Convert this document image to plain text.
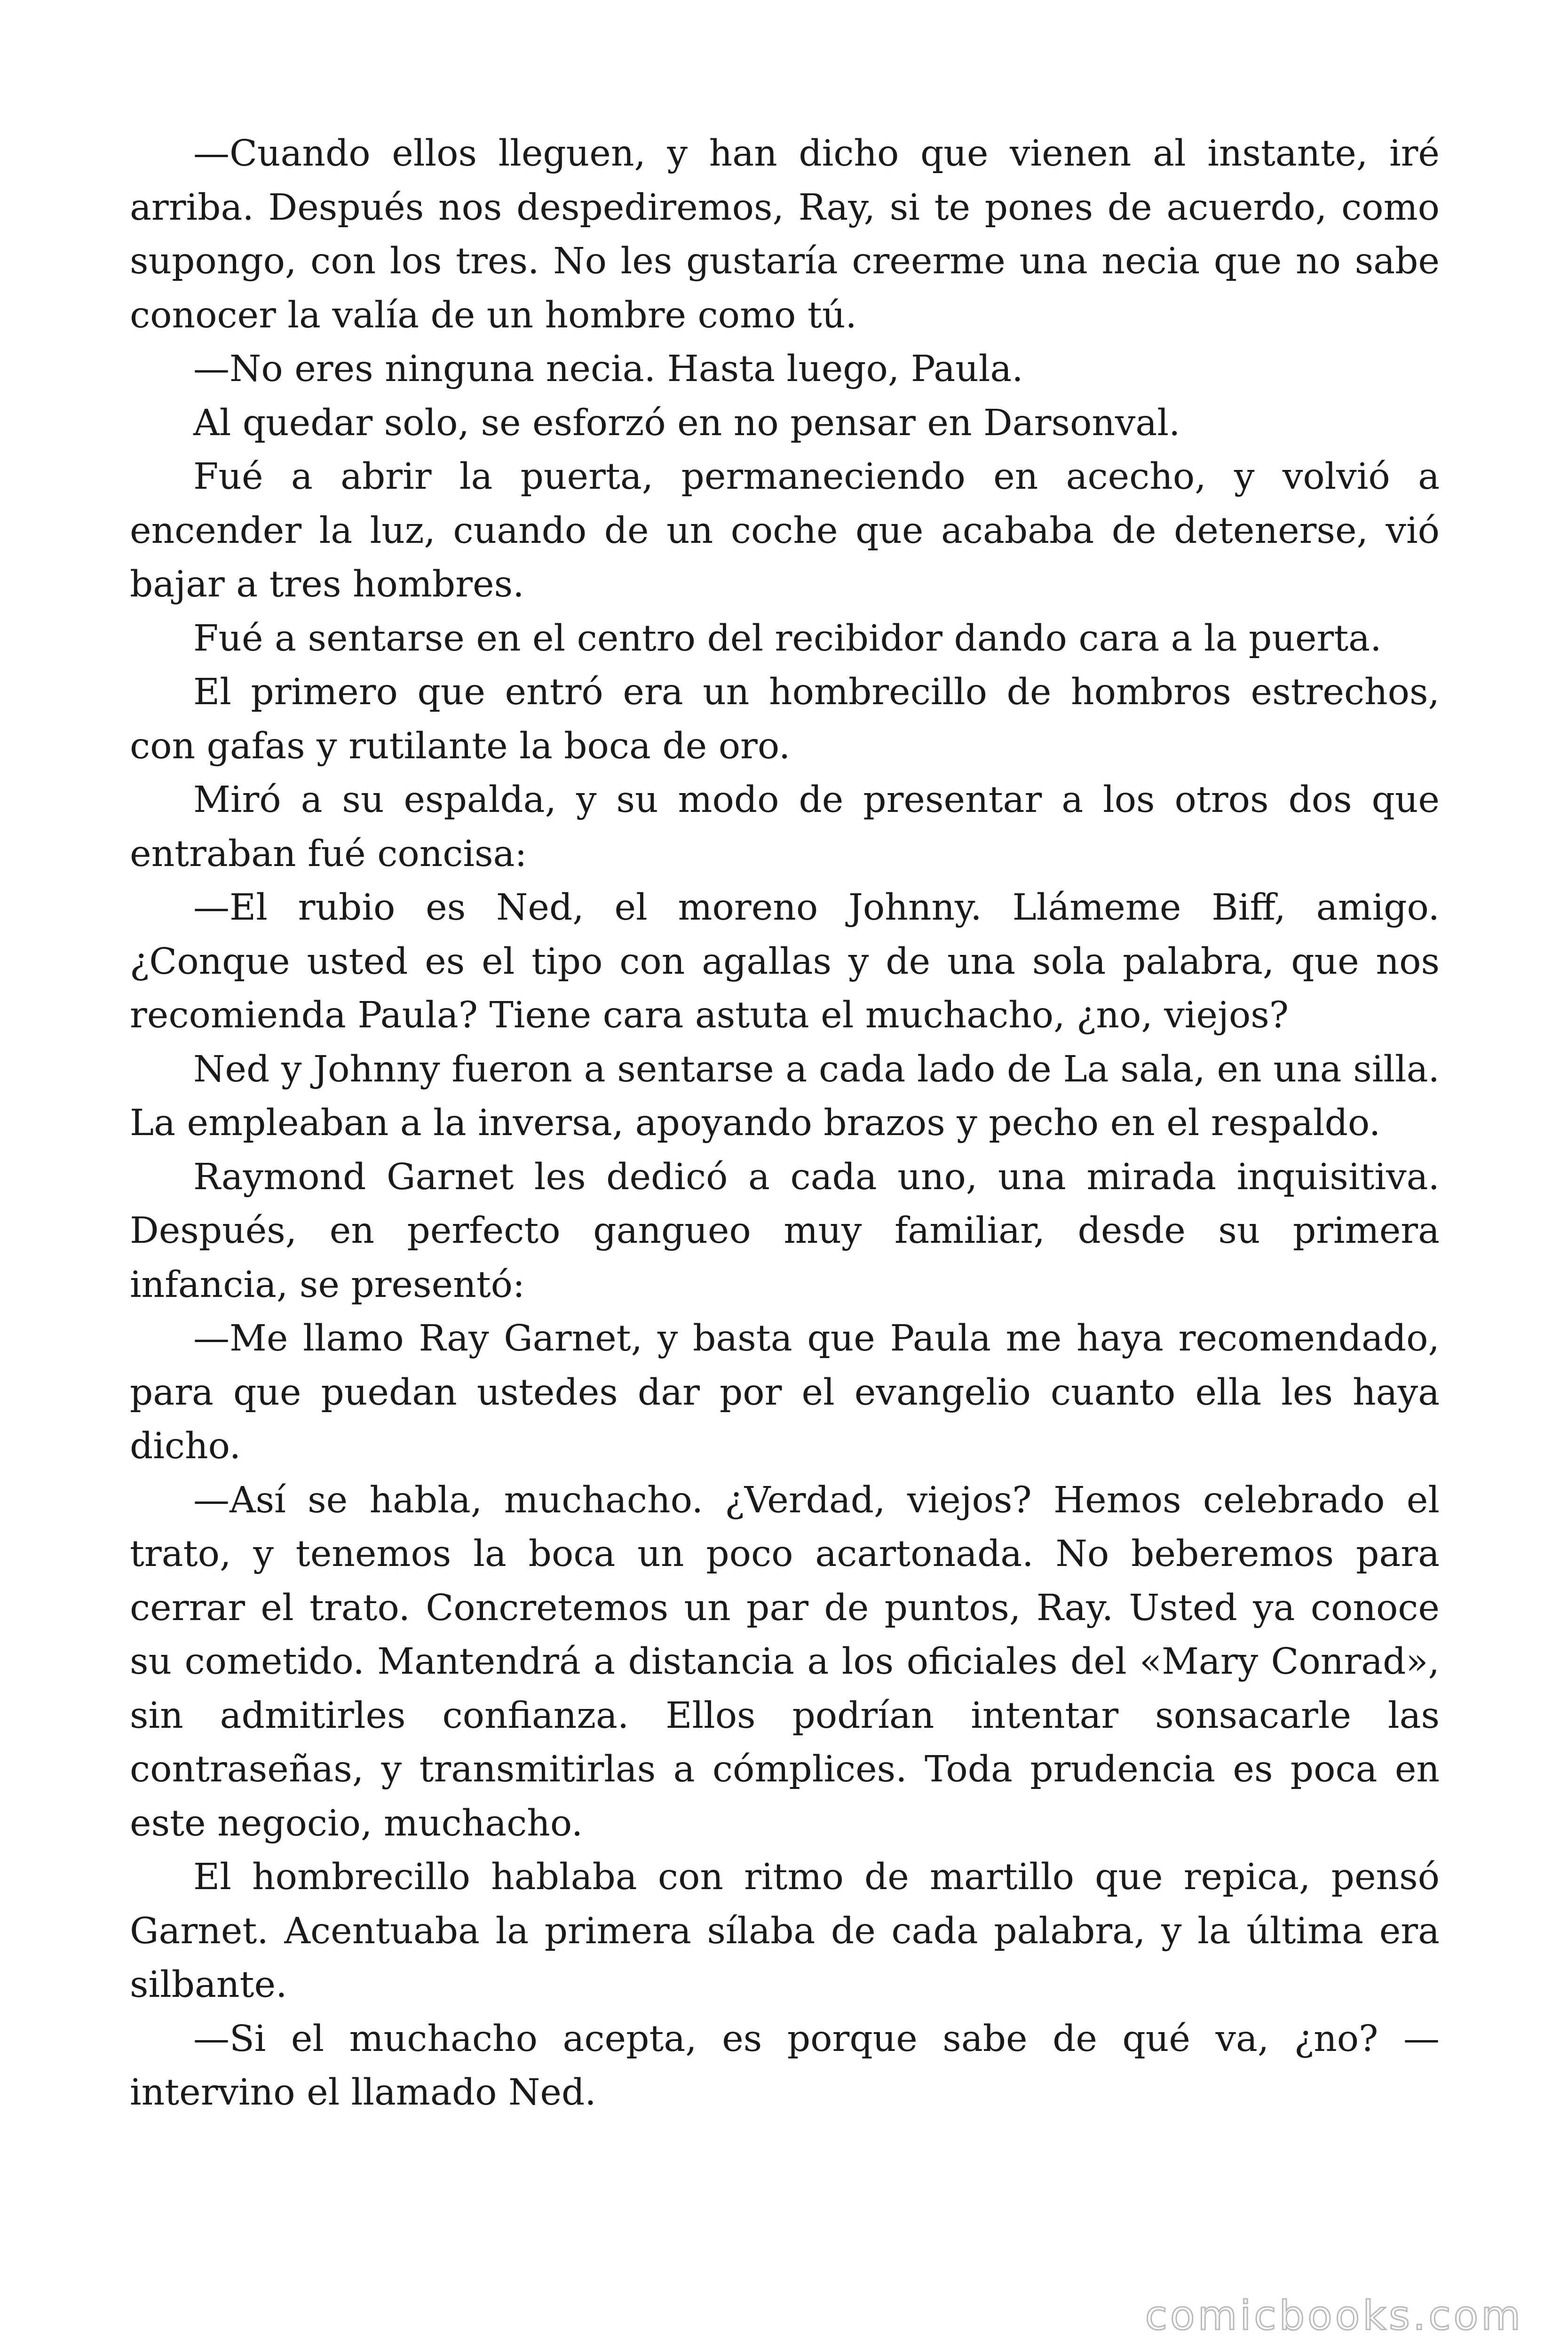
—Cuando ellos lleguen, y han dicho que vienen al instante, iré arriba. Después nos despediremos, Ray, si te pones de acuerdo, como supongo, con los tres. No les gustaría creerme una necia que no sabe conocer la valía de un hombre como tú.

—No eres ninguna necia. Hasta luego, Paula.

Al quedar solo, se esforzó en no pensar en Darsonval.

Fué a abrir la puerta, permaneciendo en acecho, y volvió a encender la luz, cuando de un coche que acababa de detenerse, vió bajar a tres hombres.

Fué a sentarse en el centro del recibidor dando cara a la puerta.

El primero que entró era un hombrecillo de hombros estrechos, con gafas y rutilante la boca de oro.

Miró a su espalda, y su modo de presentar a los otros dos que entraban fué concisa:

—El rubio es Ned, el moreno Johnny. Llámeme Biff, amigo. ¿Conque usted es el tipo con agallas y de una sola palabra, que nos recomienda Paula? Tiene cara astuta el muchacho, ¿no, viejos?

Ned y Johnny fueron a sentarse a cada lado de La sala, en una silla. La empleaban a la inversa, apoyando brazos y pecho en el respaldo.

Raymond Garnet les dedicó a cada uno, una mirada inquisitiva. Después, en perfecto gangueo muy familiar, desde su primera infancia, se presentó:

—Me llamo Ray Garnet, y basta que Paula me haya recomendado, para que puedan ustedes dar por el evangelio cuanto ella les haya dicho.

—Así se habla, muchacho. ¿Verdad, viejos? Hemos celebrado el trato, y tenemos la boca un poco acartonada. No beberemos para cerrar el trato. Concretemos un par de puntos, Ray. Usted ya conoce su cometido. Mantendrá a distancia a los oficiales del «Mary Conrad», sin admitirles confianza. Ellos podrían intentar sonsacarle las contraseñas, y transmitirlas a cómplices. Toda prudencia es poca en este negocio, muchacho.

El hombrecillo hablaba con ritmo de martillo que repica, pensó Garnet. Acentuaba la primera sílaba de cada palabra, y la última era silbante.

—Si el muchacho acepta, es porque sabe de qué va, ¿no? —intervino el llamado Ned.

comicbooks.com
